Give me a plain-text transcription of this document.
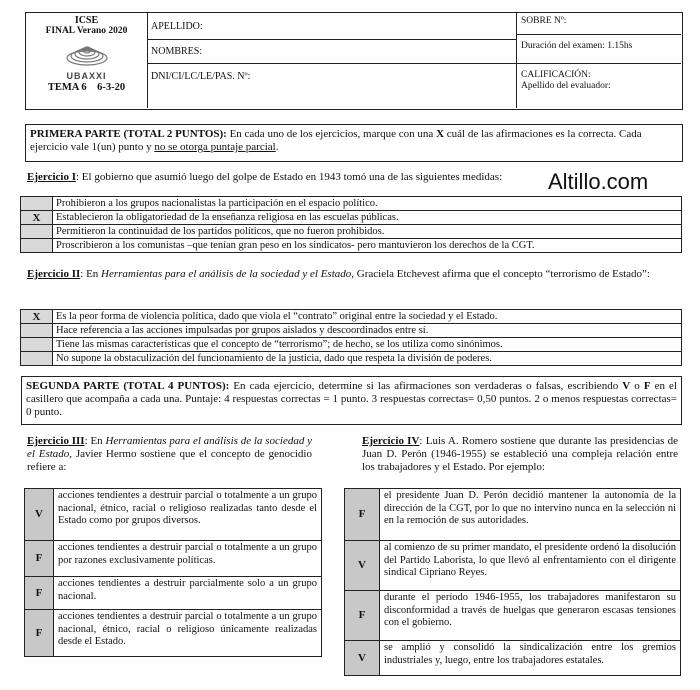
ICSE
FINAL Verano 2020
UBAXXI
TEMA 6 6-3-20
APELLIDO:
NOMBRES:
DNI/CI/LC/LE/PAS. Nº:
SOBRE Nº:
Duración del examen: 1.15hs
CALIFICACIÓN:
Apellido del evaluador:
PRIMERA PARTE (TOTAL 2 PUNTOS): En cada uno de los ejercicios, marque con una X cuál de las afirmaciones es la correcta. Cada ejercicio vale 1(un) punto y no se otorga puntaje parcial.
Ejercicio I: El gobierno que asumió luego del golpe de Estado en 1943 tomó una de las siguientes medidas:	Altillo.com
	Prohibieron a los grupos nacionalistas la participación en el espacio político.
X	Establecieron la obligatoriedad de la enseñanza religiosa en las escuelas públicas.
	Permitieron la continuidad de los partidos políticos, que no fueron prohibidos.
	Proscribieron a los comunistas –que tenían gran peso en los sindicatos- pero mantuvieron los derechos de la CGT.
Ejercicio II: En Herramientas para el análisis de la sociedad y el Estado, Graciela Etchevest afirma que el concepto “terrorismo de Estado”:
X	Es la peor forma de violencia política, dado que viola el “contrato” original entre la sociedad y el Estado.
	Hace referencia a las acciones impulsadas por grupos aislados y descoordinados entre sí.
	Tiene las mismas características que el concepto de “terrorismo”; de hecho, se los utiliza como sinónimos.
	No supone la obstaculización del funcionamiento de la justicia, dado que respeta la división de poderes.
SEGUNDA PARTE (TOTAL 4 PUNTOS): En cada ejercicio, determine si las afirmaciones son verdaderas o falsas, escribiendo V o F en el casillero que acompaña a cada una. Puntaje: 4 respuestas correctas = 1 punto. 3 respuestas correctas= 0,50 puntos. 2 o menos respuestas correctas= 0 punto.
Ejercicio III: En Herramientas para el análisis de la sociedad y el Estado, Javier Hermo sostiene que el concepto de genocidio refiere a:
V	acciones tendientes a destruir parcial o totalmente a un grupo nacional, étnico, racial o religioso realizadas tanto desde el Estado como por grupos diversos.
F	acciones tendientes a destruir parcial o totalmente a un grupo por razones exclusivamente políticas.
F	acciones tendientes a destruir parcialmente solo a un grupo nacional.
F	acciones tendientes a destruir parcial o totalmente a un grupo nacional, étnico, racial o religioso únicamente realizadas desde el Estado.
Ejercicio IV: Luis A. Romero sostiene que durante las presidencias de Juan D. Perón (1946-1955) se estableció una compleja relación entre los trabajadores y el Estado. Por ejemplo:
F	el presidente Juan D. Perón decidió mantener la autonomía de la dirección de la CGT, por lo que no intervino nunca en la selección ni en la remoción de sus autoridades.
V	al comienzo de su primer mandato, el presidente ordenó la disolución del Partido Laborista, lo que llevó al enfrentamiento con el dirigente sindical Cipriano Reyes.
F	durante el período 1946-1955, los trabajadores manifestaron su disconformidad a través de huelgas que generaron escasas tensiones con el gobierno.
V	se amplió y consolidó la sindicalización entre los gremios industriales y, luego, entre los trabajadores estatales.
